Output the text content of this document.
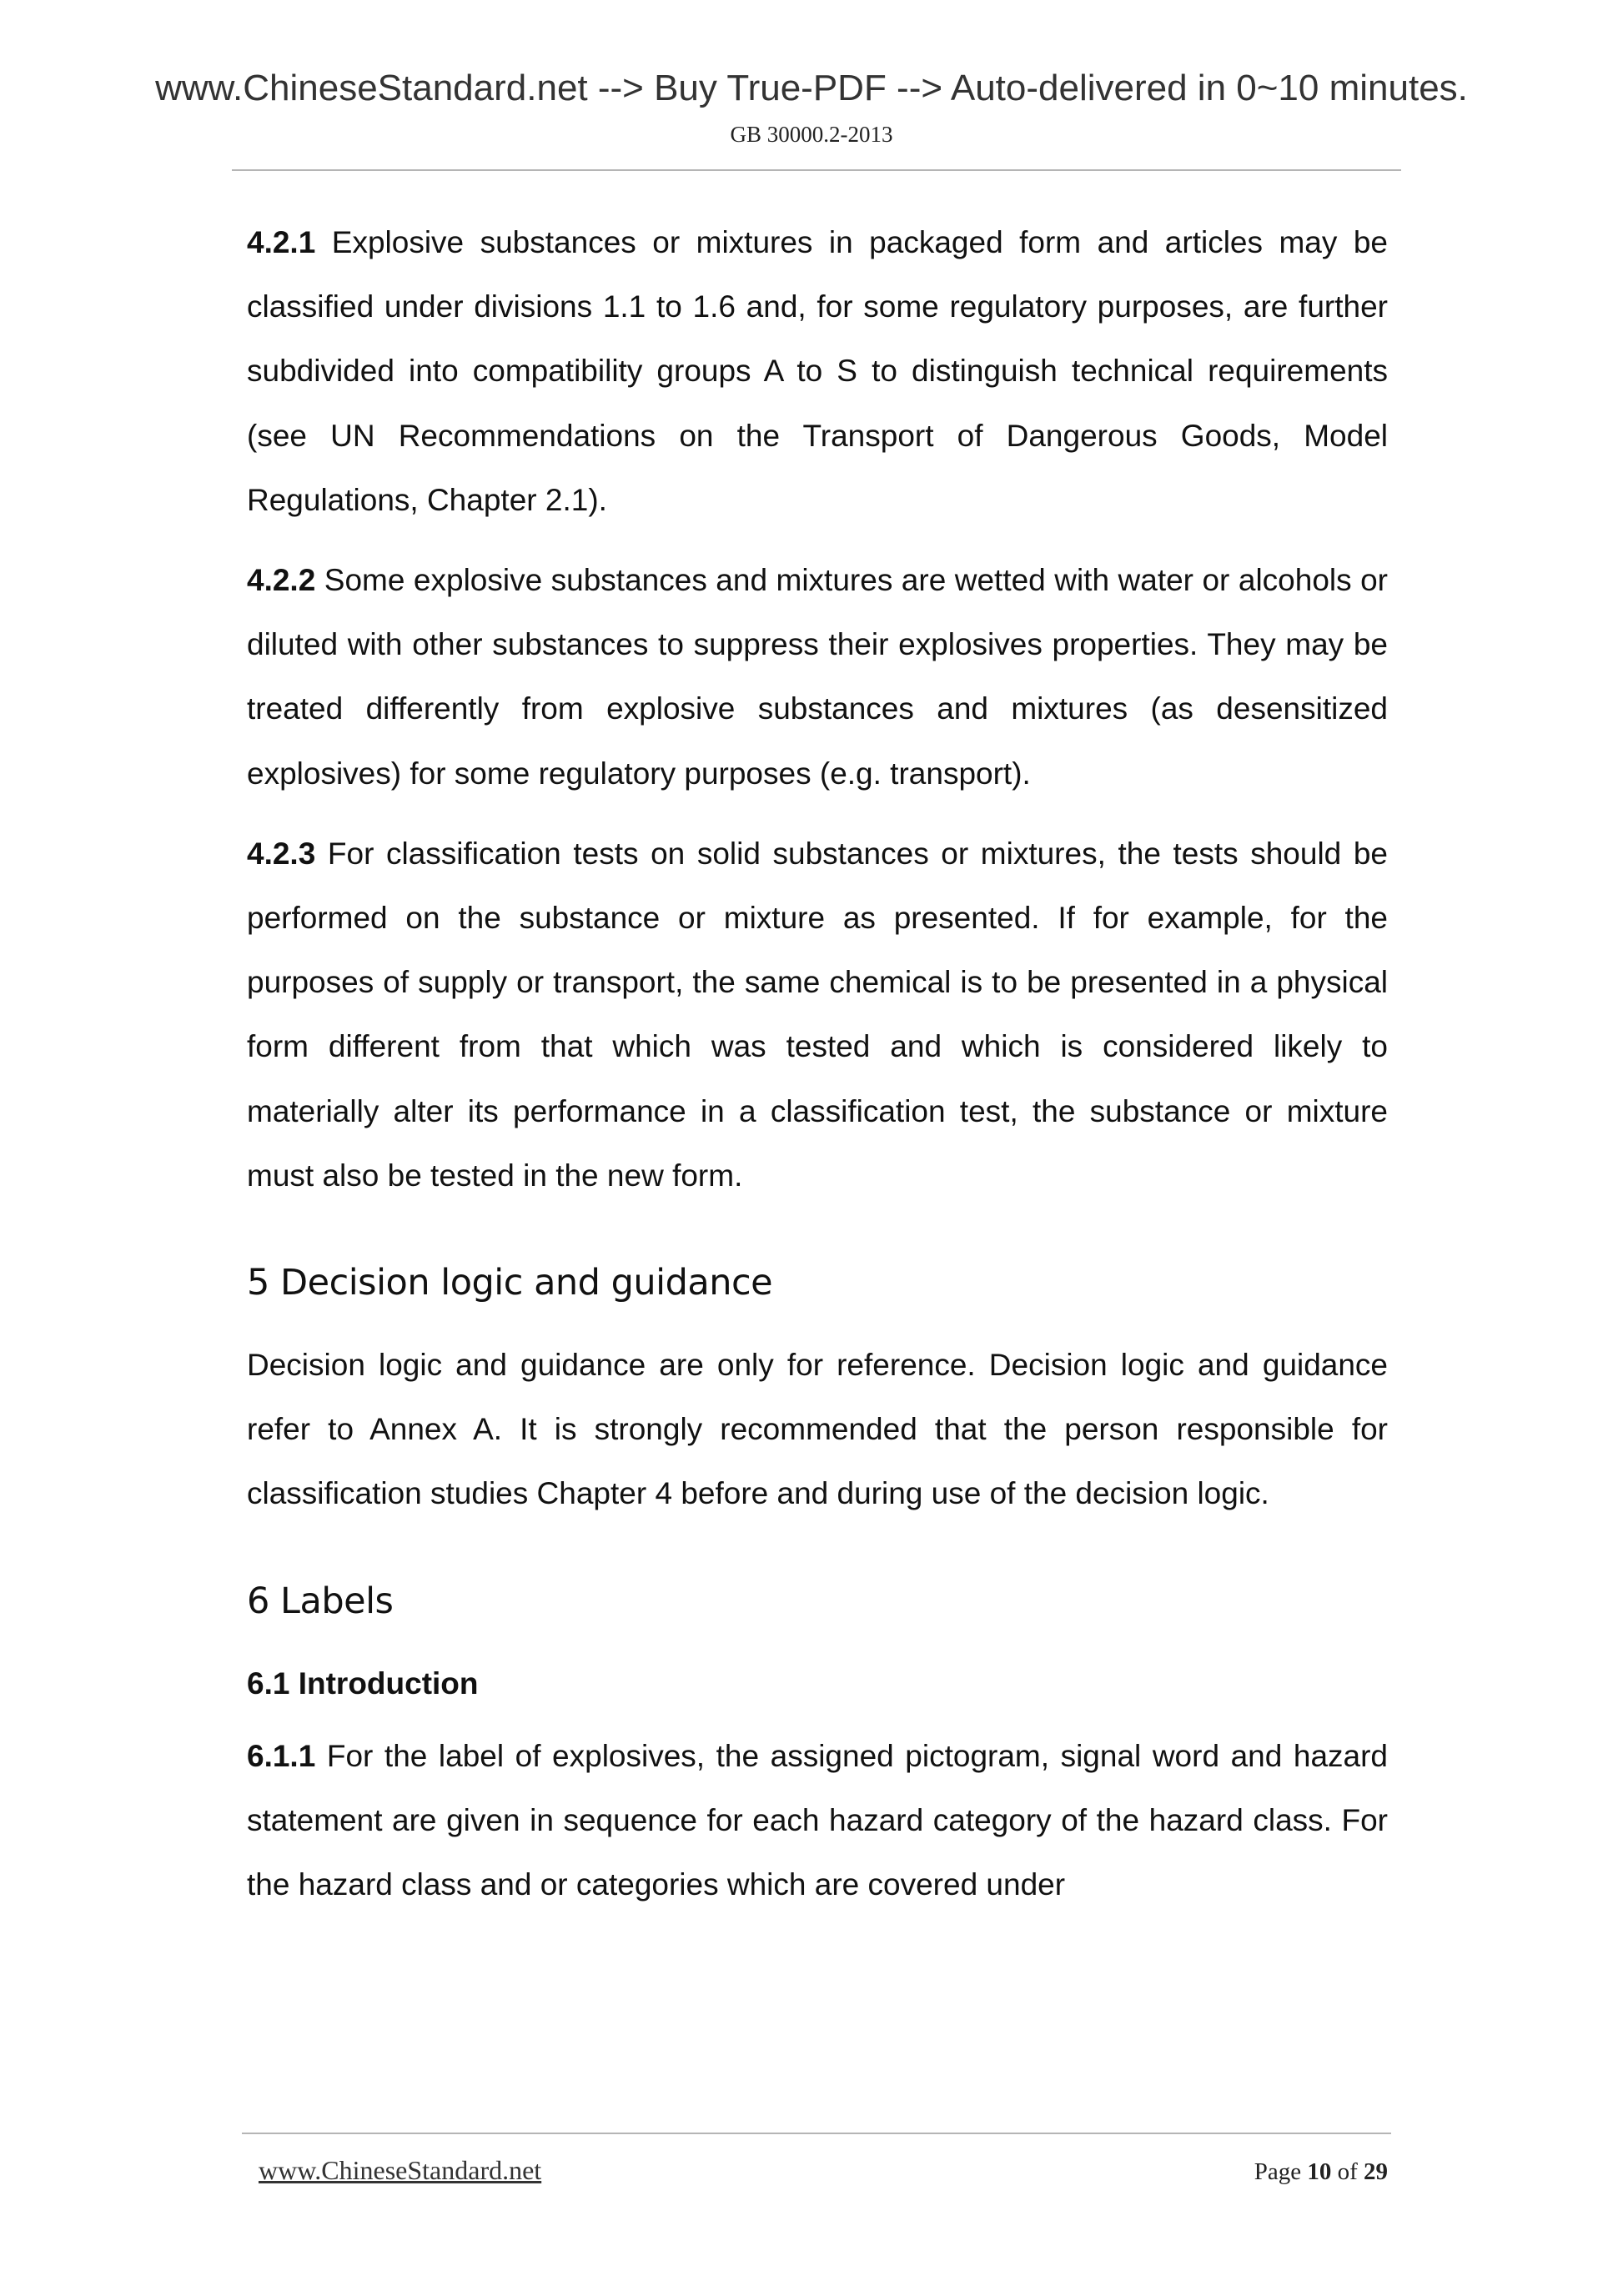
www.ChineseStandard.net --> Buy True-PDF --> Auto-delivered in 0~10 minutes.
GB 30000.2-2013

4.2.1 Explosive substances or mixtures in packaged form and articles may be classified under divisions 1.1 to 1.6 and, for some regulatory purposes, are further subdivided into compatibility groups A to S to distinguish technical requirements (see UN Recommendations on the Transport of Dangerous Goods, Model Regulations, Chapter 2.1).

4.2.2 Some explosive substances and mixtures are wetted with water or alcohols or diluted with other substances to suppress their explosives properties. They may be treated differently from explosive substances and mixtures (as desensitized explosives) for some regulatory purposes (e.g. transport).

4.2.3 For classification tests on solid substances or mixtures, the tests should be performed on the substance or mixture as presented. If for example, for the purposes of supply or transport, the same chemical is to be presented in a physical form different from that which was tested and which is considered likely to materially alter its performance in a classification test, the substance or mixture must also be tested in the new form.

5 Decision logic and guidance

Decision logic and guidance are only for reference. Decision logic and guidance refer to Annex A. It is strongly recommended that the person responsible for classification studies Chapter 4 before and during use of the decision logic.

6 Labels
6.1 Introduction

6.1.1 For the label of explosives, the assigned pictogram, signal word and hazard statement are given in sequence for each hazard category of the hazard class. For the hazard class and or categories which are covered under

www.ChineseStandard.net	Page 10 of 29
